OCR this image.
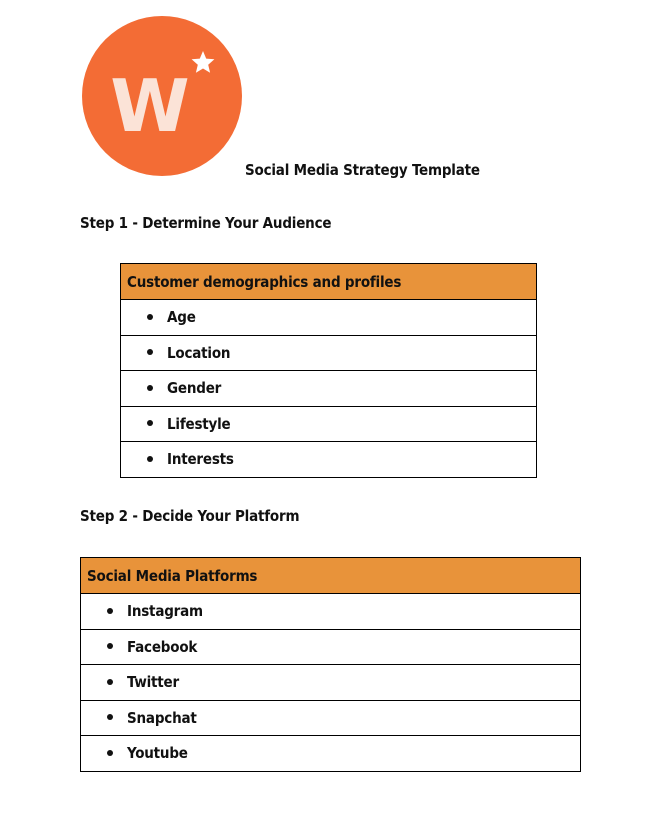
W
Social Media Strategy Template
Step 1 - Determine Your Audience
Customer demographics and profiles
Age
Location
Gender
Lifestyle
Interests
Step 2 - Decide Your Platform
Social Media Platforms
Instagram
Facebook
Twitter
Snapchat
Youtube
